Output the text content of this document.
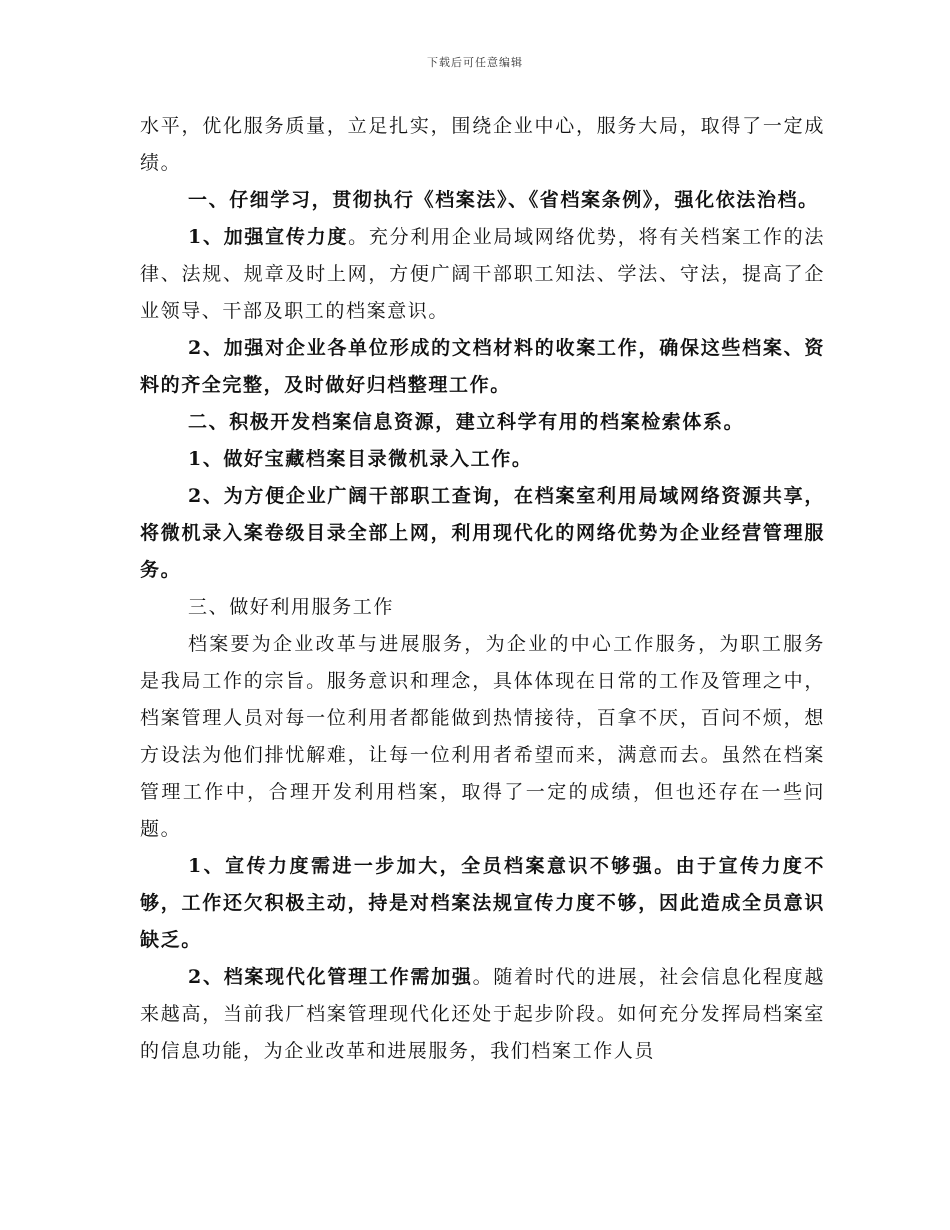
下载后可任意编辑

水平，优化服务质量，立足扎实，围绕企业中心，服务大局，取得了一定成绩。

一、仔细学习，贯彻执行《档案法》、《省档案条例》，强化依法治档。

1、加强宣传力度。充分利用企业局域网络优势，将有关档案工作的法律、法规、规章及时上网，方便广阔干部职工知法、学法、守法，提高了企业领导、干部及职工的档案意识。

2、加强对企业各单位形成的文档材料的收案工作，确保这些档案、资料的齐全完整，及时做好归档整理工作。

二、积极开发档案信息资源，建立科学有用的档案检索体系。

1、做好宝藏档案目录微机录入工作。

2、为方便企业广阔干部职工查询，在档案室利用局域网络资源共享，将微机录入案卷级目录全部上网，利用现代化的网络优势为企业经营管理服务。

三、做好利用服务工作

档案要为企业改革与进展服务，为企业的中心工作服务，为职工服务是我局工作的宗旨。服务意识和理念，具体体现在日常的工作及管理之中，档案管理人员对每一位利用者都能做到热情接待，百拿不厌，百问不烦，想方设法为他们排忧解难，让每一位利用者希望而来，满意而去。虽然在档案管理工作中，合理开发利用档案，取得了一定的成绩，但也还存在一些问题。

1、宣传力度需进一步加大，全员档案意识不够强。由于宣传力度不够，工作还欠积极主动，持是对档案法规宣传力度不够，因此造成全员意识缺乏。

2、档案现代化管理工作需加强。随着时代的进展，社会信息化程度越来越高，当前我厂档案管理现代化还处于起步阶段。如何充分发挥局档案室的信息功能，为企业改革和进展服务，我们档案工作人员
